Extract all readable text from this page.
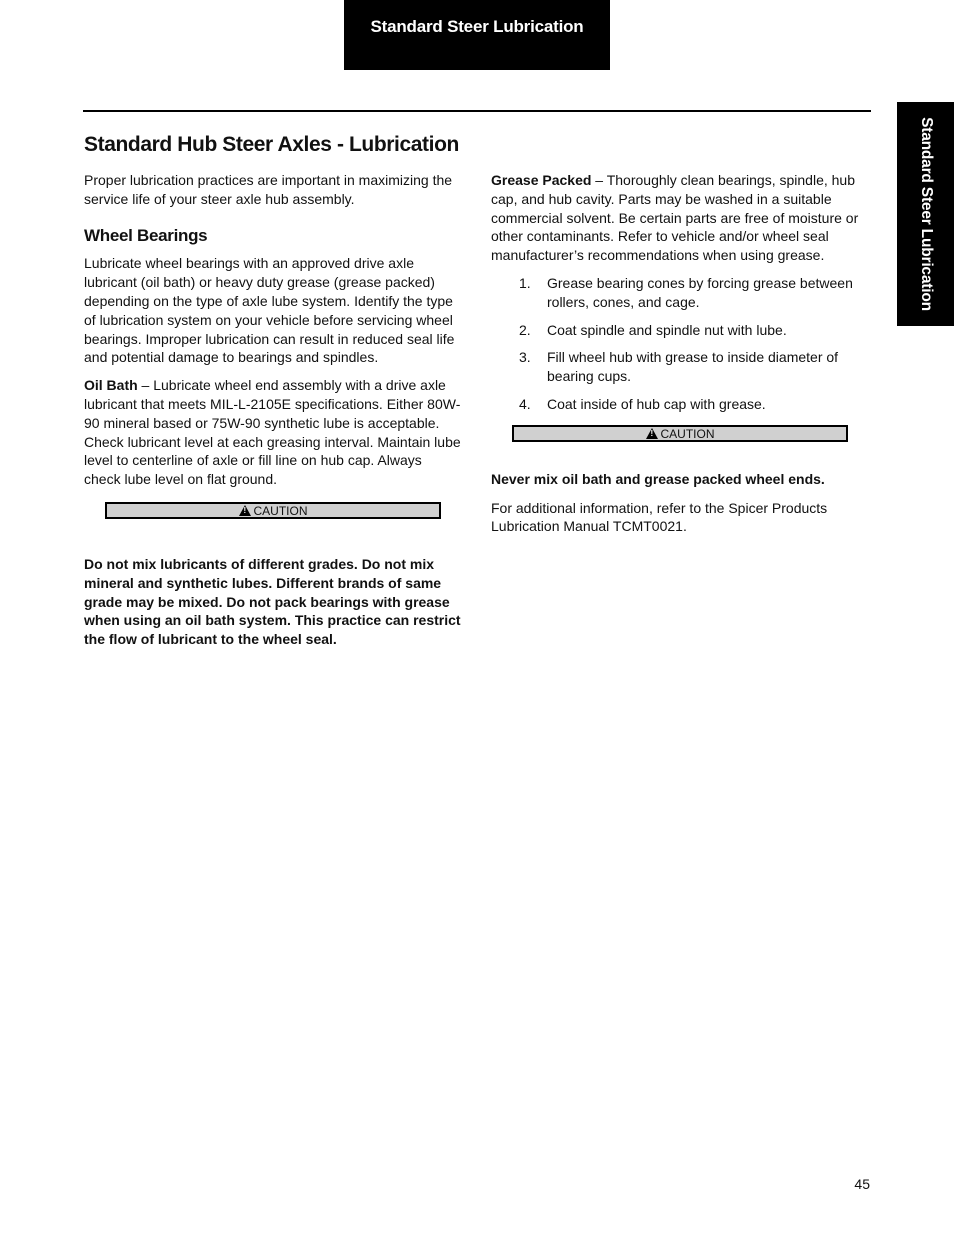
Standard Steer Lubrication
Standard Steer Lubrication
Standard Hub Steer Axles - Lubrication

Proper lubrication practices are important in maximizing the service life of your steer axle hub assembly.

Wheel Bearings

Lubricate wheel bearings with an approved drive axle lubricant (oil bath) or heavy duty grease (grease packed) depending on the type of axle lube system. Identify the type of lubrication system on your vehicle before servicing wheel bearings. Improper lubrication can result in reduced seal life and potential damage to bearings and spindles.

Oil Bath – Lubricate wheel end assembly with a drive axle lubricant that meets MIL-L-2105E specifications. Either 80W-90 mineral based or 75W-90 synthetic lube is acceptable. Check lubricant level at each greasing interval. Maintain lube level to centerline of axle or fill line on hub cap. Always check lube level on flat ground.

! CAUTION
Do not mix lubricants of different grades. Do not mix mineral and synthetic lubes. Different brands of same grade may be mixed. Do not pack bearings with grease when using an oil bath system. This practice can restrict the flow of lubricant to the wheel seal.

Grease Packed – Thoroughly clean bearings, spindle, hub cap, and hub cavity. Parts may be washed in a suitable commercial solvent. Be certain parts are free of moisture or other contaminants. Refer to vehicle and/or wheel seal manufacturer’s recommendations when using grease.

1. Grease bearing cones by forcing grease between rollers, cones, and cage.
2. Coat spindle and spindle nut with lube.
3. Fill wheel hub with grease to inside diameter of bearing cups.
4. Coat inside of hub cap with grease.
! CAUTION

Never mix oil bath and grease packed wheel ends.

For additional information, refer to the Spicer Products Lubrication Manual TCMT0021.

45
